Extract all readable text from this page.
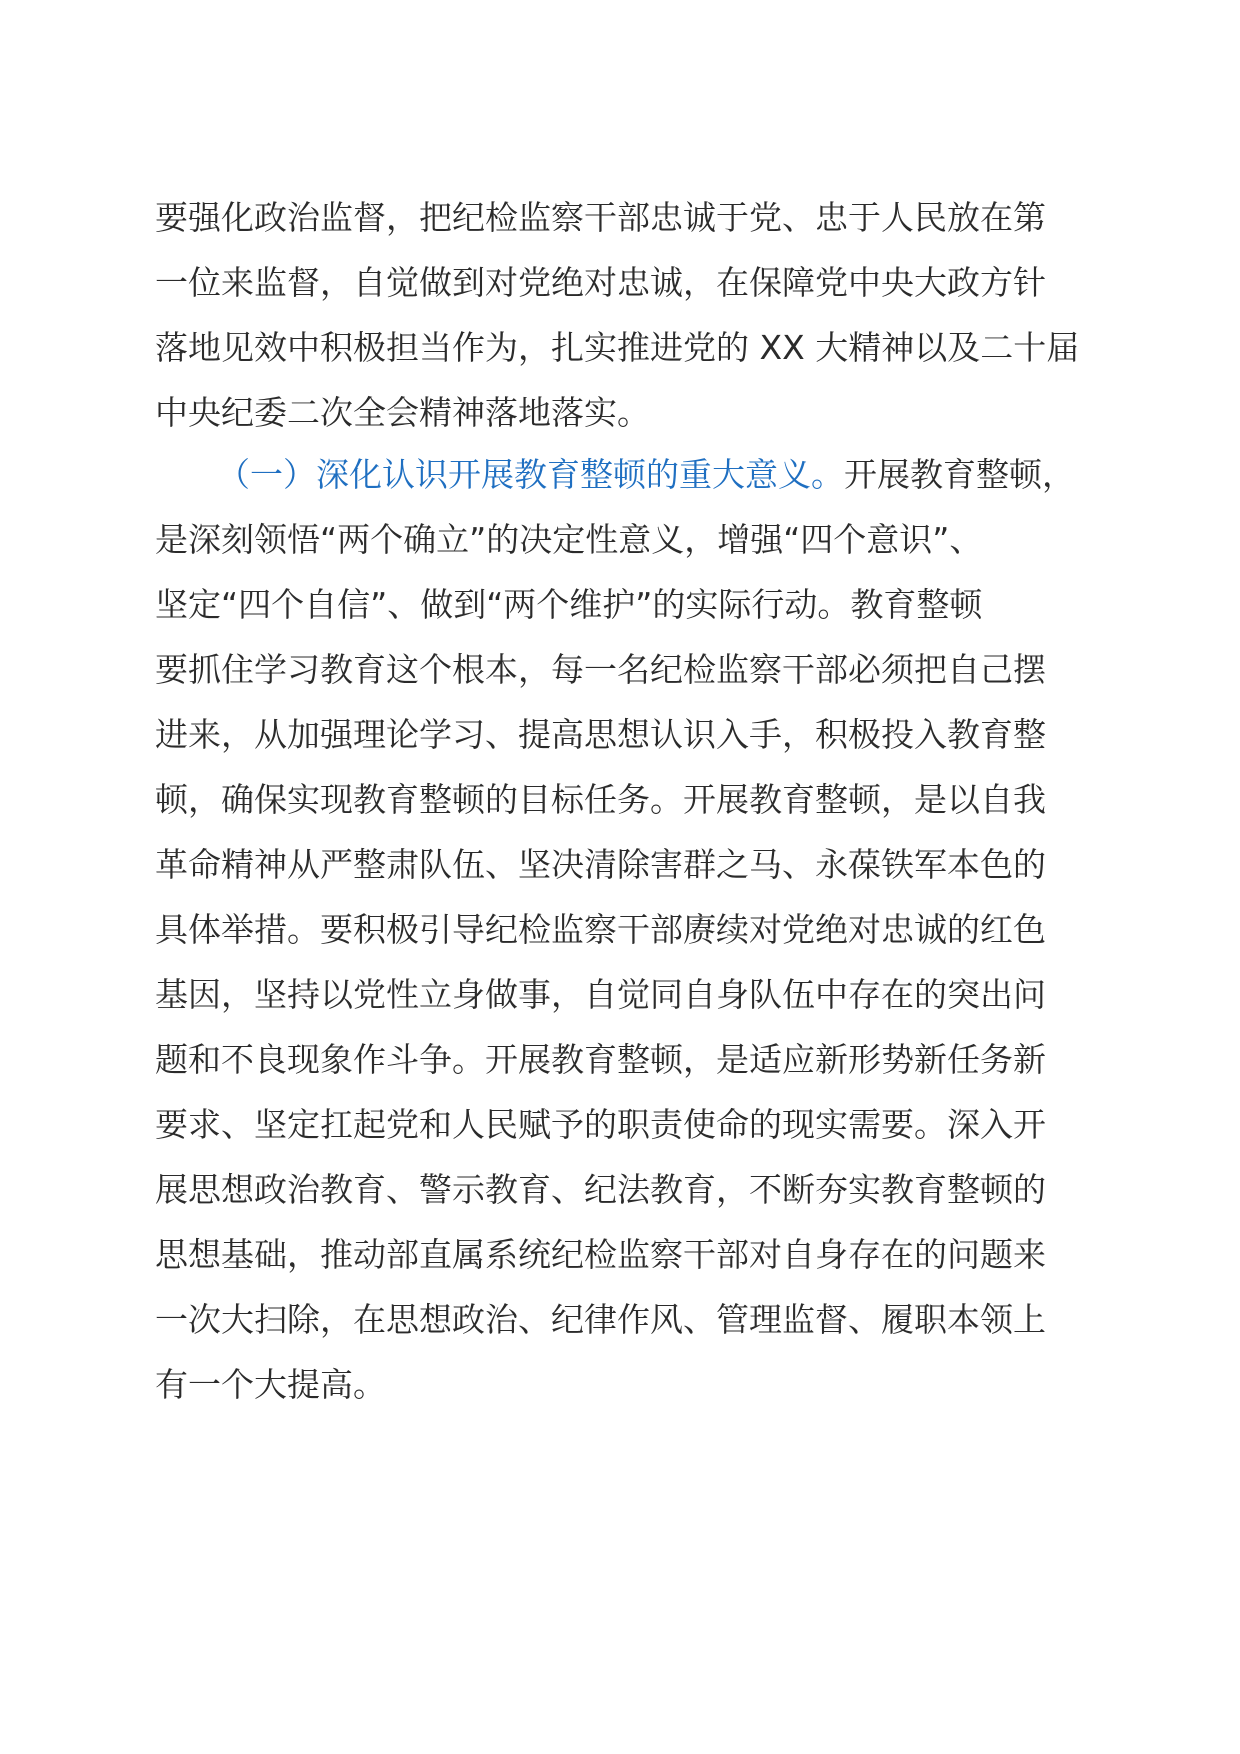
要强化政治监督，把纪检监察干部忠诚于党、忠于人民放在第
一位来监督，自觉做到对党绝对忠诚，在保障党中央大政方针
落地见效中积极担当作为，扎实推进党的 XX 大精神以及二十届
中央纪委二次全会精神落地落实。
（一）深化认识开展教育整顿的重大意义。开展教育整顿，
是深刻领悟“两个确立”的决定性意义，增强“四个意识”、
坚定“四个自信”、做到“两个维护”的实际行动。教育整顿
要抓住学习教育这个根本，每一名纪检监察干部必须把自己摆
进来，从加强理论学习、提高思想认识入手，积极投入教育整
顿，确保实现教育整顿的目标任务。开展教育整顿，是以自我
革命精神从严整肃队伍、坚决清除害群之马、永葆铁军本色的
具体举措。要积极引导纪检监察干部赓续对党绝对忠诚的红色
基因，坚持以党性立身做事，自觉同自身队伍中存在的突出问
题和不良现象作斗争。开展教育整顿，是适应新形势新任务新
要求、坚定扛起党和人民赋予的职责使命的现实需要。深入开
展思想政治教育、警示教育、纪法教育，不断夯实教育整顿的
思想基础，推动部直属系统纪检监察干部对自身存在的问题来
一次大扫除，在思想政治、纪律作风、管理监督、履职本领上
有一个大提高。
